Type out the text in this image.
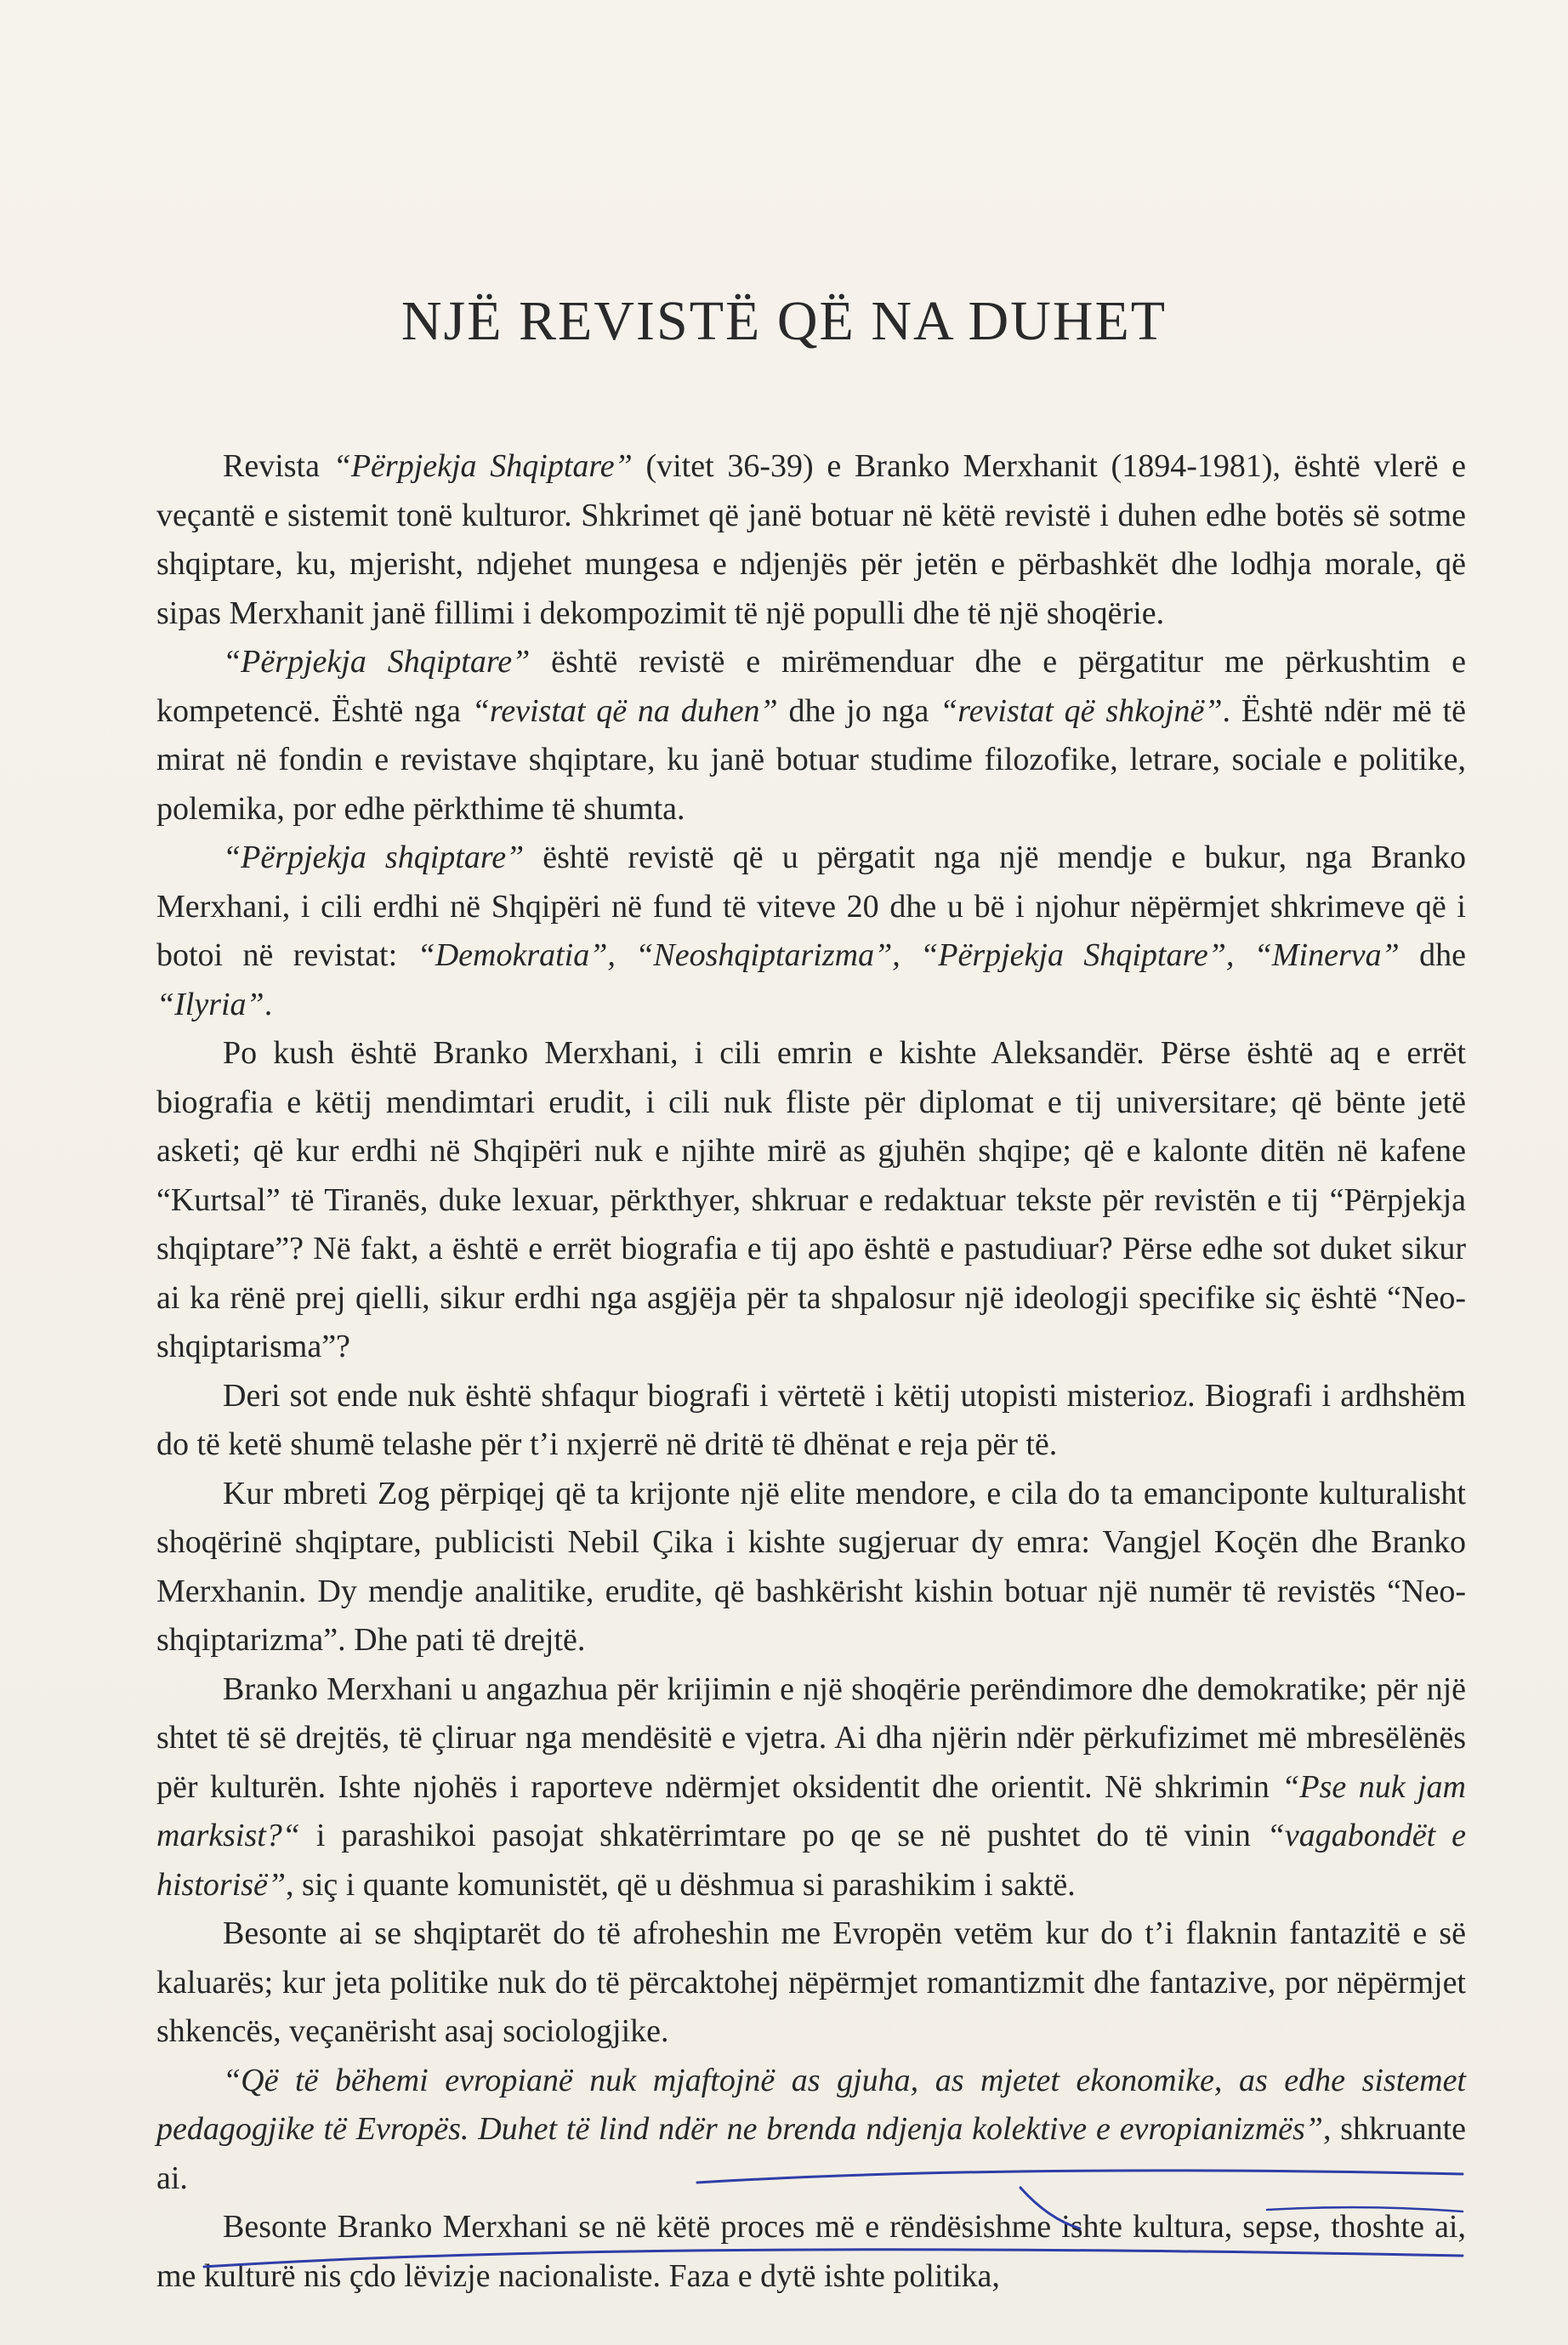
NJË REVISTË QË NA DUHET

Revista “Përpjekja Shqiptare” (vitet 36-39) e Branko Merxhanit (1894-1981), është vlerë e veçantë e sistemit tonë kulturor. Shkrimet që janë botuar në këtë revistë i duhen edhe botës së sotme shqiptare, ku, mjerisht, ndjehet mungesa e ndjenjës për jetën e përbashkët dhe lodhja morale, që sipas Merxhanit janë fillimi i dekompozimit të një populli dhe të një shoqërie.

“Përpjekja Shqiptare” është revistë e mirëmenduar dhe e përgatitur me përkushtim e kompetencë. Është nga “revistat që na duhen” dhe jo nga “revistat që shkojnë”. Është ndër më të mirat në fondin e revistave shqiptare, ku janë botuar studime filozofike, letrare, sociale e politike, polemika, por edhe përkthime të shumta.

“Përpjekja shqiptare” është revistë që u përgatit nga një mendje e bukur, nga Branko Merxhani, i cili erdhi në Shqipëri në fund të viteve 20 dhe u bë i njohur nëpërmjet shkrimeve që i botoi në revistat: “Demokratia”, “Neoshqiptarizma”, “Përpjekja Shqiptare”, “Minerva” dhe “Ilyria”.

Po kush është Branko Merxhani, i cili emrin e kishte Aleksandër. Përse është aq e errët biografia e këtij mendimtari erudit, i cili nuk fliste për diplomat e tij universitare; që bënte jetë asketi; që kur erdhi në Shqipëri nuk e njihte mirë as gjuhën shqipe; që e kalonte ditën në kafene “Kurtsal” të Tiranës, duke lexuar, përkthyer, shkruar e redaktuar tekste për revistën e tij “Përpjekja shqiptare”? Në fakt, a është e errët biografia e tij apo është e pastudiuar? Përse edhe sot duket sikur ai ka rënë prej qielli, sikur erdhi nga asgjëja për ta shpalosur një ideologji specifike siç është “Neo-shqiptarisma”?

Deri sot ende nuk është shfaqur biografi i vërtetë i këtij utopisti misterioz. Biografi i ardhshëm do të ketë shumë telashe për t’i nxjerrë në dritë të dhënat e reja për të.

Kur mbreti Zog përpiqej që ta krijonte një elite mendore, e cila do ta emanciponte kulturalisht shoqërinë shqiptare, publicisti Nebil Çika i kishte sugjeruar dy emra: Vangjel Koçën dhe Branko Merxhanin. Dy mendje analitike, erudite, që bashkërisht kishin botuar një numër të revistës “Neo-shqiptarizma”. Dhe pati të drejtë.

Branko Merxhani u angazhua për krijimin e një shoqërie perëndimore dhe demokratike; për një shtet të së drejtës, të çliruar nga mendësitë e vjetra. Ai dha njërin ndër përkufizimet më mbresëlënës për kulturën. Ishte njohës i raporteve ndërmjet oksidentit dhe orientit. Në shkrimin “Pse nuk jam marksist?“ i parashikoi pasojat shkatërrimtare po qe se në pushtet do të vinin “vagabondët e historisë”, siç i quante komunistët, që u dëshmua si parashikim i saktë.

Besonte ai se shqiptarët do të afroheshin me Evropën vetëm kur do t’i flaknin fantazitë e së kaluarës; kur jeta politike nuk do të përcaktohej nëpërmjet romantizmit dhe fantazive, por nëpërmjet shkencës, veçanërisht asaj sociologjike.

“Që të bëhemi evropianë nuk mjaftojnë as gjuha, as mjetet ekonomike, as edhe sistemet pedagogjike të Evropës. Duhet të lind ndër ne brenda ndjenja kolektive e evropianizmës”, shkruante ai.

Besonte Branko Merxhani se në këtë proces më e rëndësishme ishte kultura, sepse, thoshte ai, me kulturë nis çdo lëvizje nacionaliste. Faza e dytë ishte politika,
